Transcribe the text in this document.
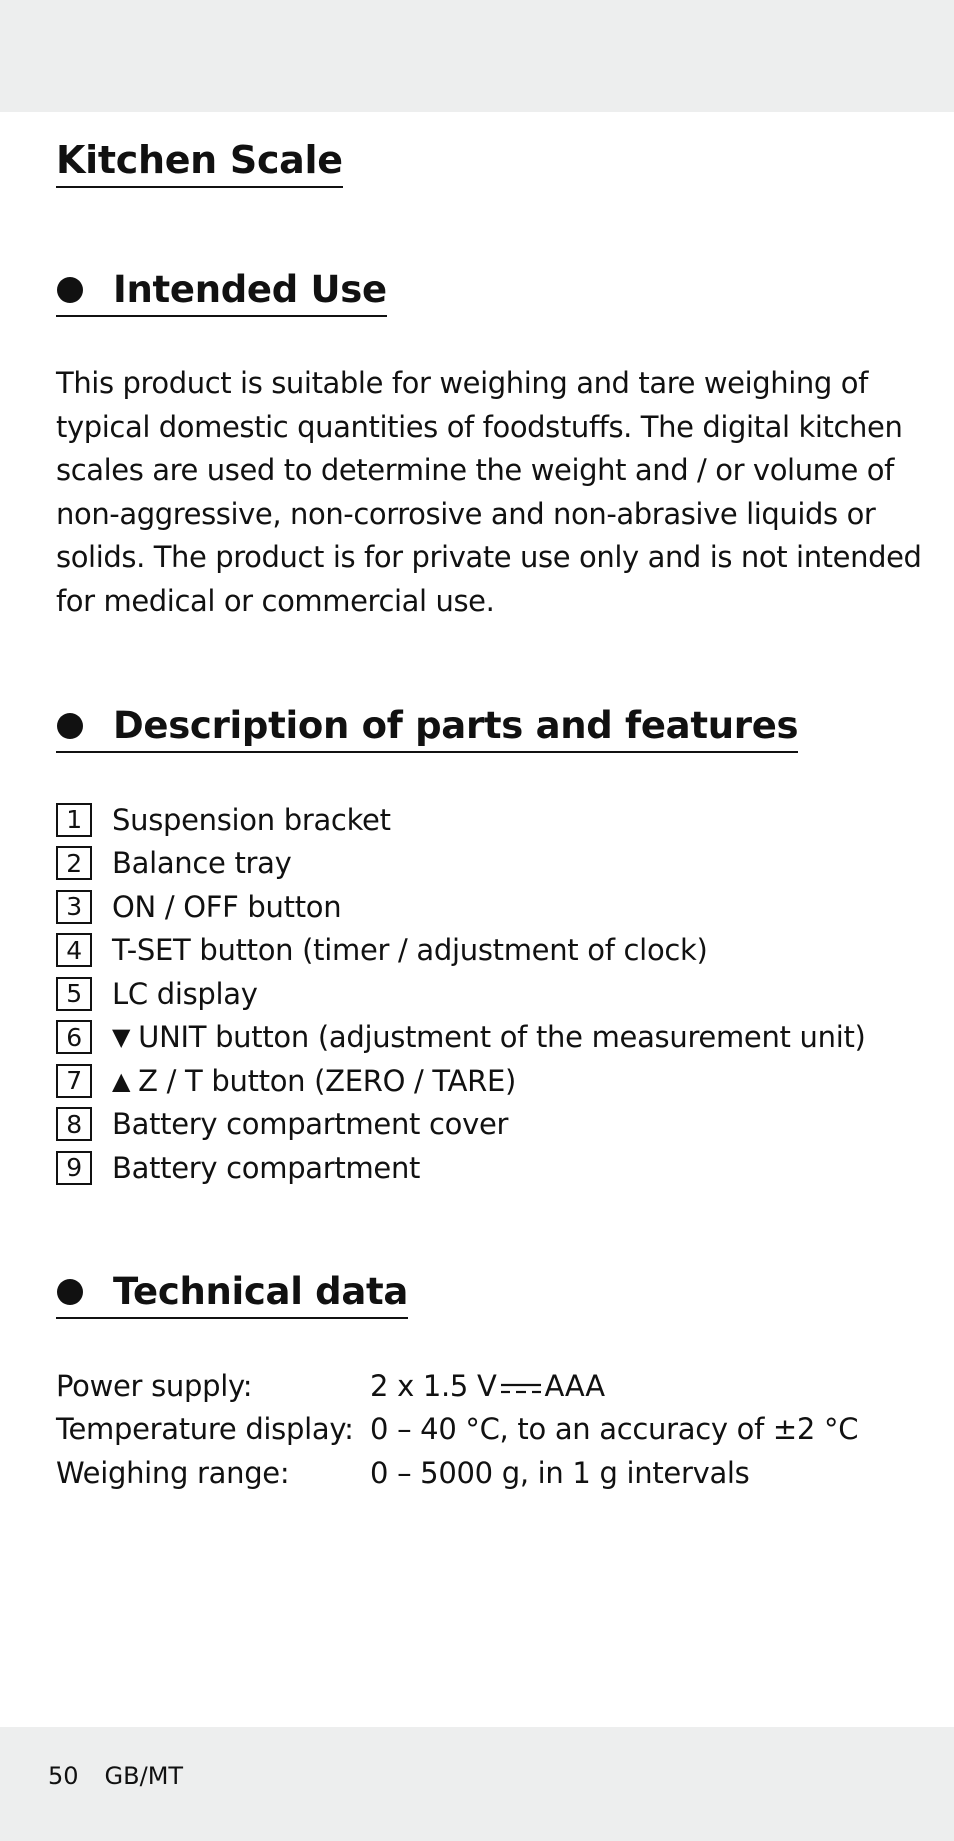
Kitchen Scale
Intended Use
This product is suitable for weighing and tare weighing of typical domestic quantities of foodstuffs. The digital kitchen scales are used to determine the weight and / or volume of non-aggressive, non-corrosive and non-abrasive liquids or solids. The product is for private use only and is not intended for medical or commercial use.
Description of parts and features
1	Suspension bracket
2	Balance tray
3	ON / OFF button
4	T-SET button (timer / adjustment of clock)
5	LC display
6	▼ UNIT button (adjustment of the measurement unit)
7	▲ Z / T button (ZERO / TARE)
8	Battery compartment cover
9	Battery compartment
Technical data
Power supply:	2 x 1.5 V AAA
Temperature display: 0 – 40 °C, to an accuracy of ±2 °C
Weighing range:	0 – 5000 g, in 1 g intervals
50 GB/MT
